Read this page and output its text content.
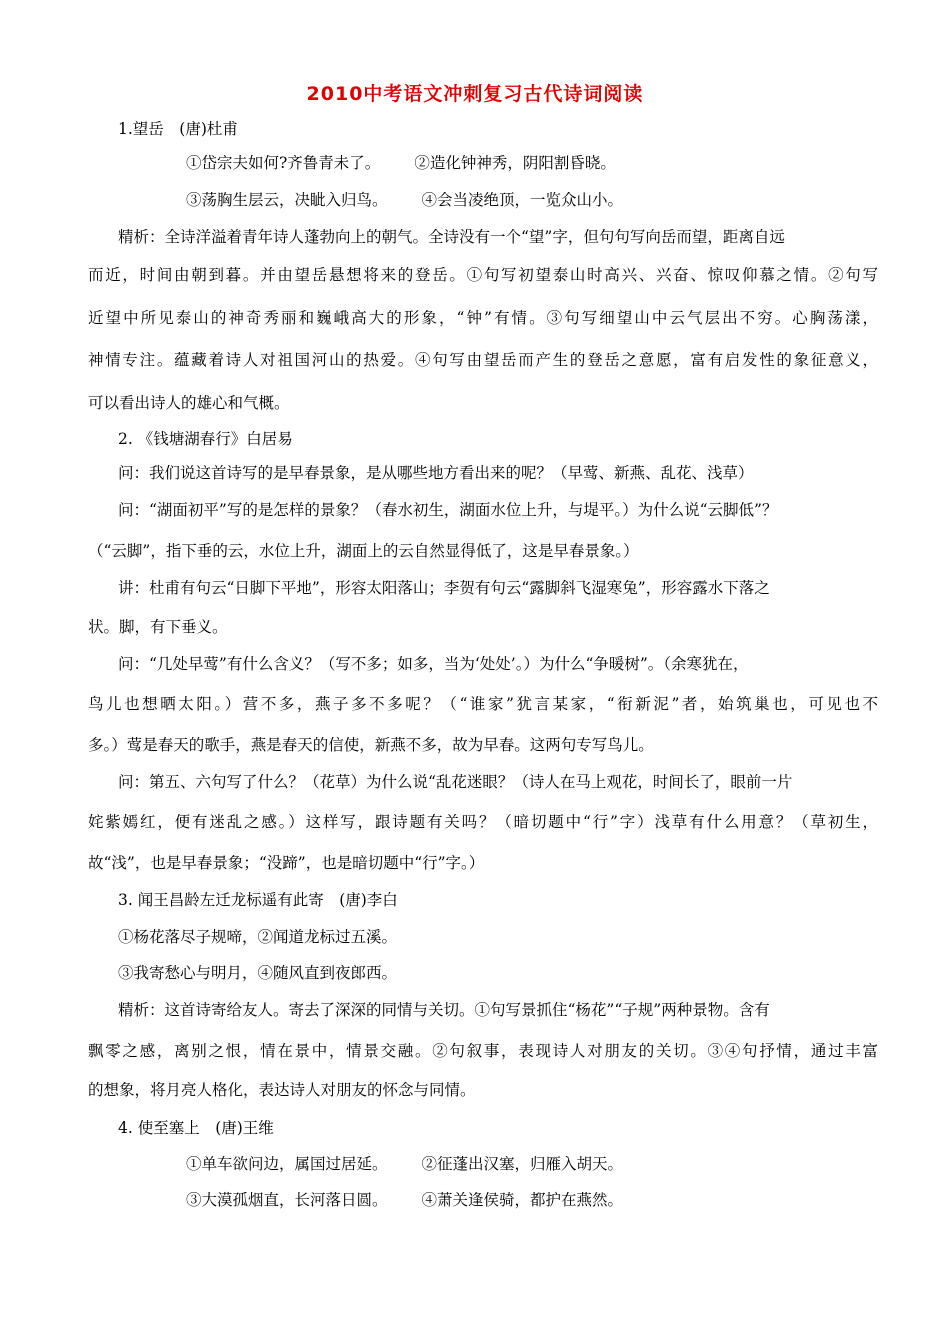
2010中考语文冲刺复习古代诗词阅读
1.望岳　(唐)杜甫
①岱宗夫如何?齐鲁青未了。 ②造化钟神秀，阴阳割昏晓。
③荡胸生层云，决眦入归鸟。 ④会当凌绝顶，一览众山小。
精析：全诗洋溢着青年诗人蓬勃向上的朝气。全诗没有一个“望”字，但句句写向岳而望，距离自远
而近，时间由朝到暮。并由望岳悬想将来的登岳。①句写初望泰山时高兴、兴奋、惊叹仰慕之情。②句写
近望中所见泰山的神奇秀丽和巍峨高大的形象，“钟”有情。③句写细望山中云气层出不穷。心胸荡漾，
神情专注。蕴藏着诗人对祖国河山的热爱。④句写由望岳而产生的登岳之意愿，富有启发性的象征意义，
可以看出诗人的雄心和气概。
2. 《钱塘湖春行》白居易
问：我们说这首诗写的是早春景象，是从哪些地方看出来的呢？（早莺、新燕、乱花、浅草）
问：“湖面初平”写的是怎样的景象？（春水初生，湖面水位上升，与堤平。）为什么说“云脚低”？
（“云脚”，指下垂的云，水位上升，湖面上的云自然显得低了，这是早春景象。）
讲：杜甫有句云“日脚下平地”，形容太阳落山；李贺有句云“露脚斜飞湿寒兔”，形容露水下落之
状。脚，有下垂义。
问：“几处早莺”有什么含义？（写不多；如多，当为‘处处’。）为什么“争暖树”。（余寒犹在，
鸟儿也想晒太阳。）营不多，燕子多不多呢？（“谁家”犹言某家，“衔新泥”者，始筑巢也，可见也不
多。）莺是春天的歌手，燕是春天的信使，新燕不多，故为早春。这两句专写鸟儿。
问：第五、六句写了什么？（花草）为什么说“乱花迷眼？（诗人在马上观花，时间长了，眼前一片
姹紫嫣红，便有迷乱之感。）这样写，跟诗题有关吗？（暗切题中“行”字）浅草有什么用意？（草初生，
故“浅”，也是早春景象；“没蹄”，也是暗切题中“行”字。）
3. 闻王昌龄左迁龙标遥有此寄　(唐)李白
①杨花落尽子规啼，②闻道龙标过五溪。
③我寄愁心与明月，④随风直到夜郎西。
精析：这首诗寄给友人。寄去了深深的同情与关切。①句写景抓住“杨花”“子规”两种景物。含有
飘零之感，离别之恨，情在景中，情景交融。②句叙事，表现诗人对朋友的关切。③④句抒情，通过丰富
的想象，将月亮人格化，表达诗人对朋友的怀念与同情。
4. 使至塞上　(唐)王维
①单车欲问边，属国过居延。 ②征蓬出汉塞，归雁入胡天。
③大漠孤烟直，长河落日圆。 ④萧关逢侯骑，都护在燕然。
